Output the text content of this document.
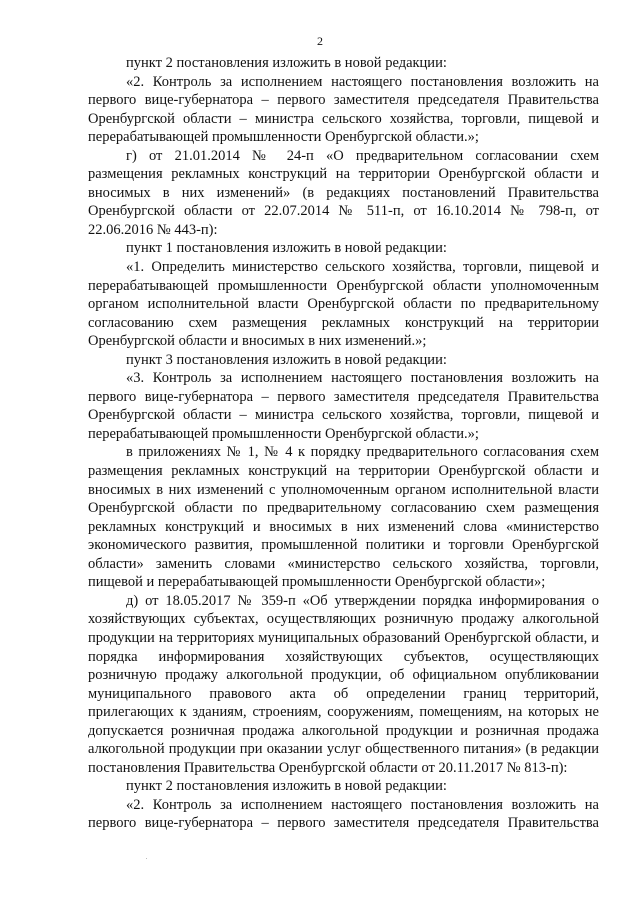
2

пункт 2 постановления изложить в новой редакции:

«2. Контроль за исполнением настоящего постановления возложить на первого вице-губернатора – первого заместителя председателя Правительства Оренбургской области – министра сельского хозяйства, торговли, пищевой и перерабатывающей промышленности Оренбургской области.»;

г) от 21.01.2014 № 24-п «О предварительном согласовании схем размещения рекламных конструкций на территории Оренбургской области и вносимых в них изменений» (в редакциях постановлений Правительства Оренбургской области от 22.07.2014 № 511-п, от 16.10.2014 № 798-п, от 22.06.2016 № 443-п):

пункт 1 постановления изложить в новой редакции:

«1. Определить министерство сельского хозяйства, торговли, пищевой и перерабатывающей промышленности Оренбургской области уполномоченным органом исполнительной власти Оренбургской области по предварительному согласованию схем размещения рекламных конструкций на территории Оренбургской области и вносимых в них изменений.»;

пункт 3 постановления изложить в новой редакции:

«3. Контроль за исполнением настоящего постановления возложить на первого вице-губернатора – первого заместителя председателя Правительства Оренбургской области – министра сельского хозяйства, торговли, пищевой и перерабатывающей промышленности Оренбургской области.»;

в приложениях № 1, № 4 к порядку предварительного согласования схем размещения рекламных конструкций на территории Оренбургской области и вносимых в них изменений с уполномоченным органом исполнительной власти Оренбургской области по предварительному согласованию схем размещения рекламных конструкций и вносимых в них изменений слова «министерство экономического развития, промышленной политики и торговли Оренбургской области» заменить словами «министерство сельского хозяйства, торговли, пищевой и перерабатывающей промышленности Оренбургской области»;

д) от 18.05.2017 № 359-п «Об утверждении порядка информирования о хозяйствующих субъектах, осуществляющих розничную продажу алкогольной продукции на территориях муниципальных образований Оренбургской области, и порядка информирования хозяйствующих субъектов, осуществляющих розничную продажу алкогольной продукции, об официальном опубликовании муниципального правового акта об определении границ территорий, прилегающих к зданиям, строениям, сооружениям, помещениям, на которых не допускается розничная продажа алкогольной продукции и розничная продажа алкогольной продукции при оказании услуг общественного питания» (в редакции постановления Правительства Оренбургской области от 20.11.2017 № 813-п):

пункт 2 постановления изложить в новой редакции:

«2. Контроль за исполнением настоящего постановления возложить на первого вице-губернатора – первого заместителя председателя Правительства
